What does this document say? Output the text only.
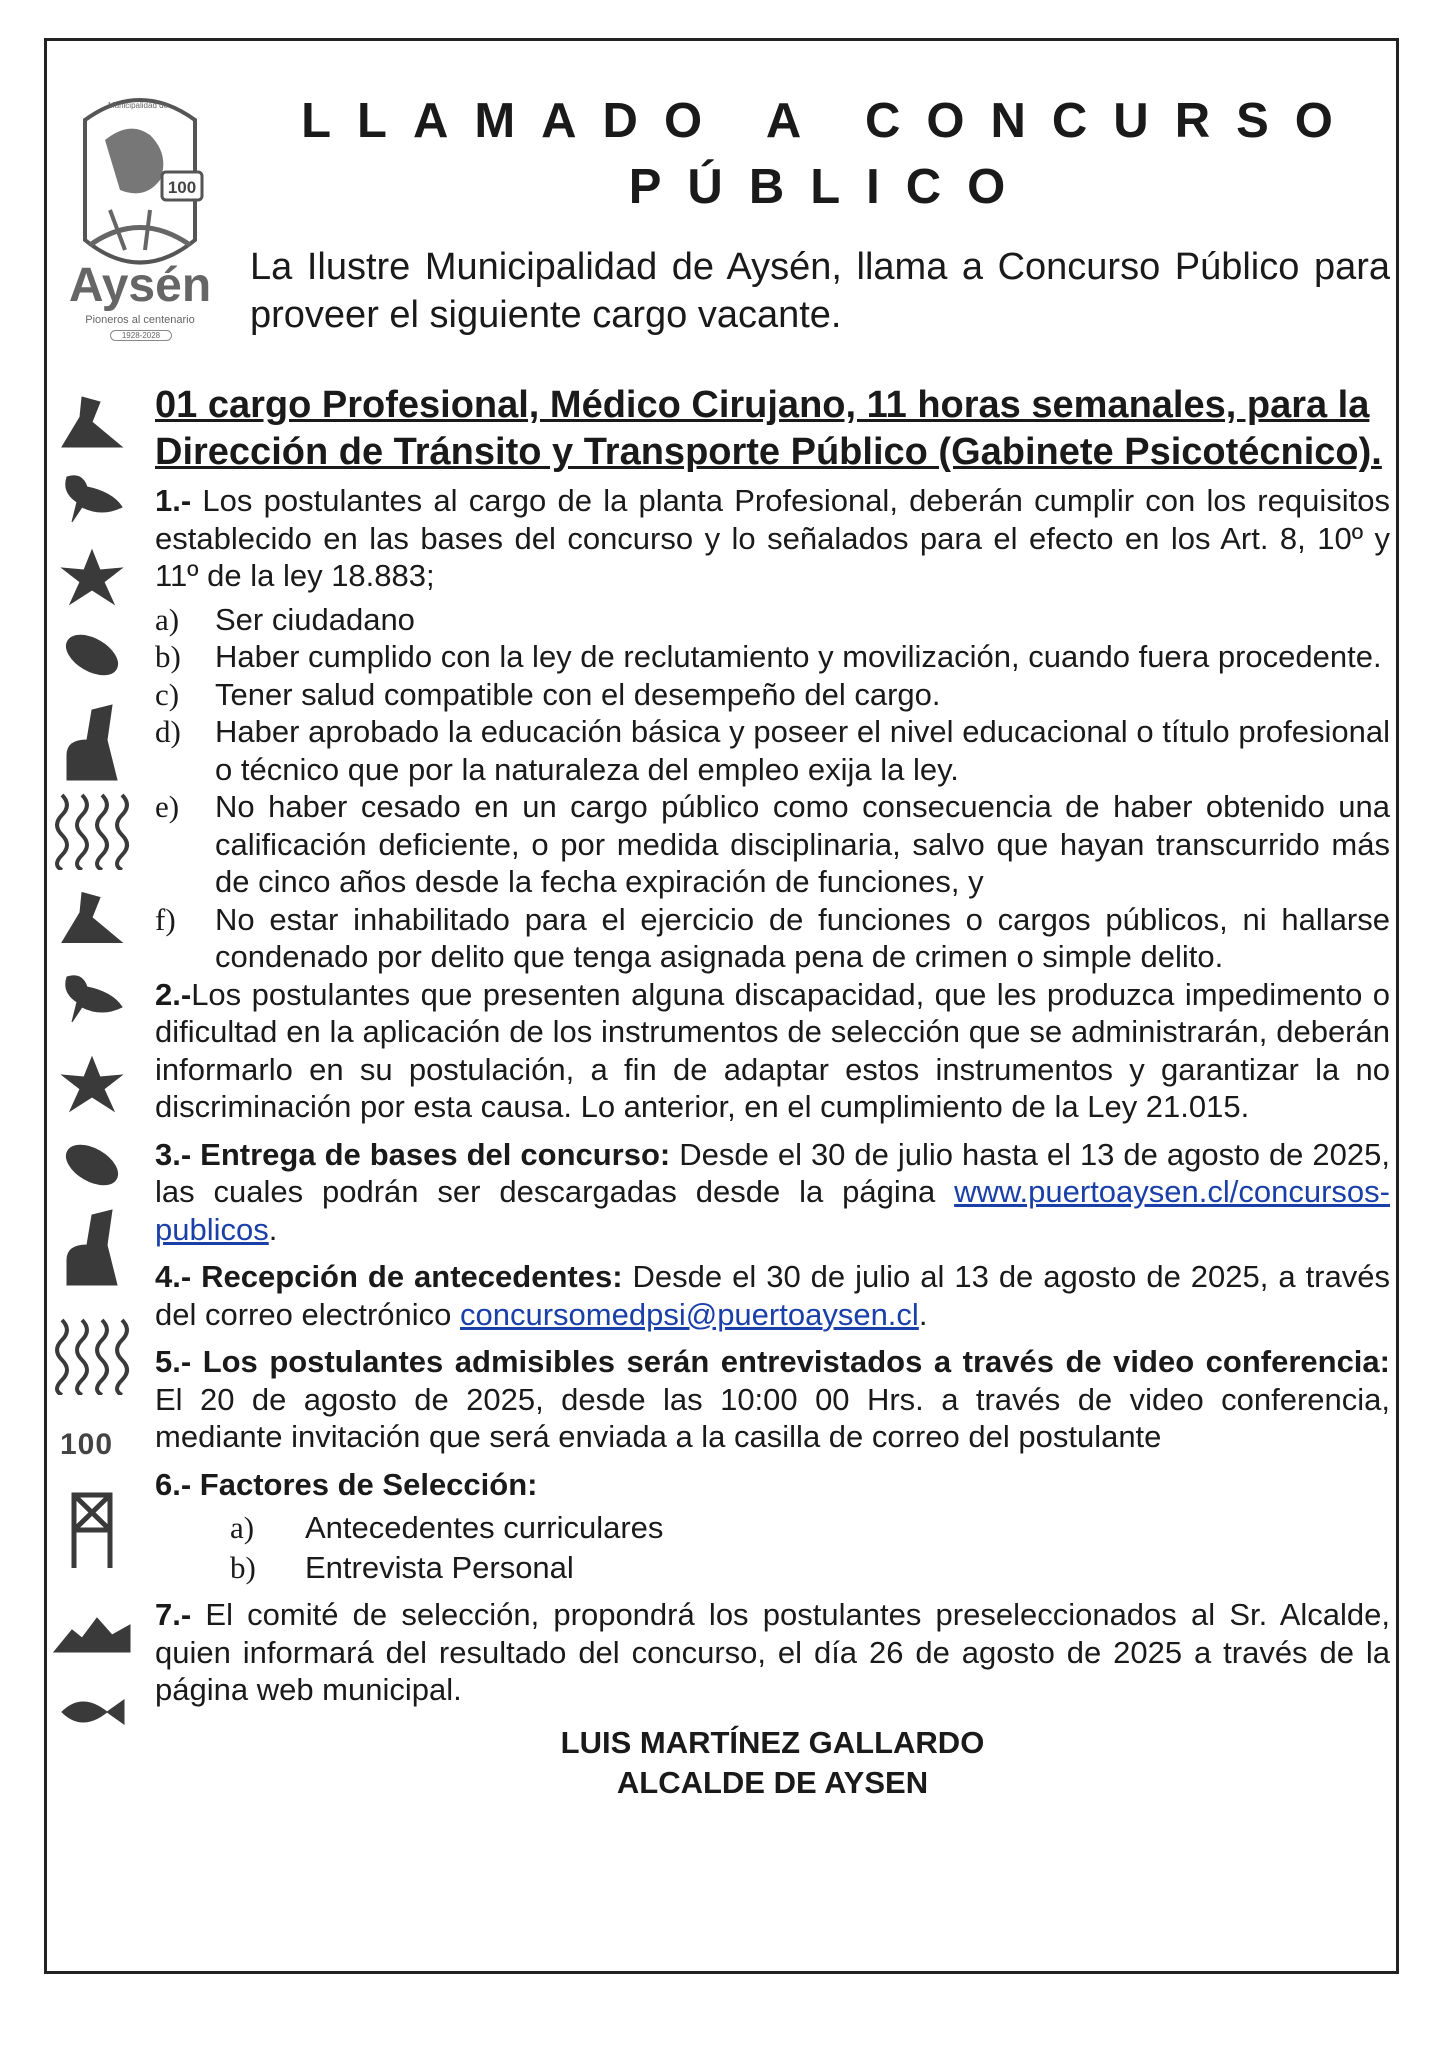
100
Municipalidad de
Aysén
Pioneros al centenario
1928-2028
LLAMADO A CONCURSO
PÚBLICO
La Ilustre Municipalidad de Aysén, llama a Concurso Público para proveer el siguiente cargo vacante.
100
01 cargo Profesional, Médico Cirujano, 11 horas semanales, para la Dirección de Tránsito y Transporte Público (Gabinete Psicotécnico).

1.- Los postulantes al cargo de la planta Profesional, deberán cumplir con los requisitos establecido en las bases del concurso y lo señalados para el efecto en los Art. 8, 10º y 11º de la ley 18.883;

a)	Ser ciudadano
b)	Haber cumplido con la ley de reclutamiento y movilización, cuando fuera procedente.
c)	Tener salud compatible con el desempeño del cargo.
d)	Haber aprobado la educación básica y poseer el nivel educacional o título profesional o técnico que por la naturaleza del empleo exija la ley.
e)	No haber cesado en un cargo público como consecuencia de haber obtenido una calificación deficiente, o por medida disciplinaria, salvo que hayan transcurrido más de cinco años desde la fecha expiración de funciones, y
f)	No estar inhabilitado para el ejercicio de funciones o cargos públicos, ni hallarse condenado por delito que tenga asignada pena de crimen o simple delito.

2.-Los postulantes que presenten alguna discapacidad, que les produzca impedimento o dificultad en la aplicación de los instrumentos de selección que se administrarán, deberán informarlo en su postulación, a fin de adaptar estos instrumentos y garantizar la no discriminación por esta causa. Lo anterior, en el cumplimiento de la Ley 21.015.

3.- Entrega de bases del concurso: Desde el 30 de julio hasta el 13 de agosto de 2025, las cuales podrán ser descargadas desde la página www.puertoaysen.cl/concursos-publicos.

4.- Recepción de antecedentes: Desde el 30 de julio al 13 de agosto de 2025, a través del correo electrónico concursomedpsi@puertoaysen.cl.

5.- Los postulantes admisibles serán entrevistados a través de video conferencia: El 20 de agosto de 2025, desde las 10:00 00 Hrs. a través de video conferencia, mediante invitación que será enviada a la casilla de correo del postulante

6.- Factores de Selección:

a)	Antecedentes curriculares
b)	Entrevista Personal

7.- El comité de selección, propondrá los postulantes preseleccionados al Sr. Alcalde, quien informará del resultado del concurso, el día 26 de agosto de 2025 a través de la página web municipal.

LUIS MARTÍNEZ GALLARDO
ALCALDE DE AYSEN
